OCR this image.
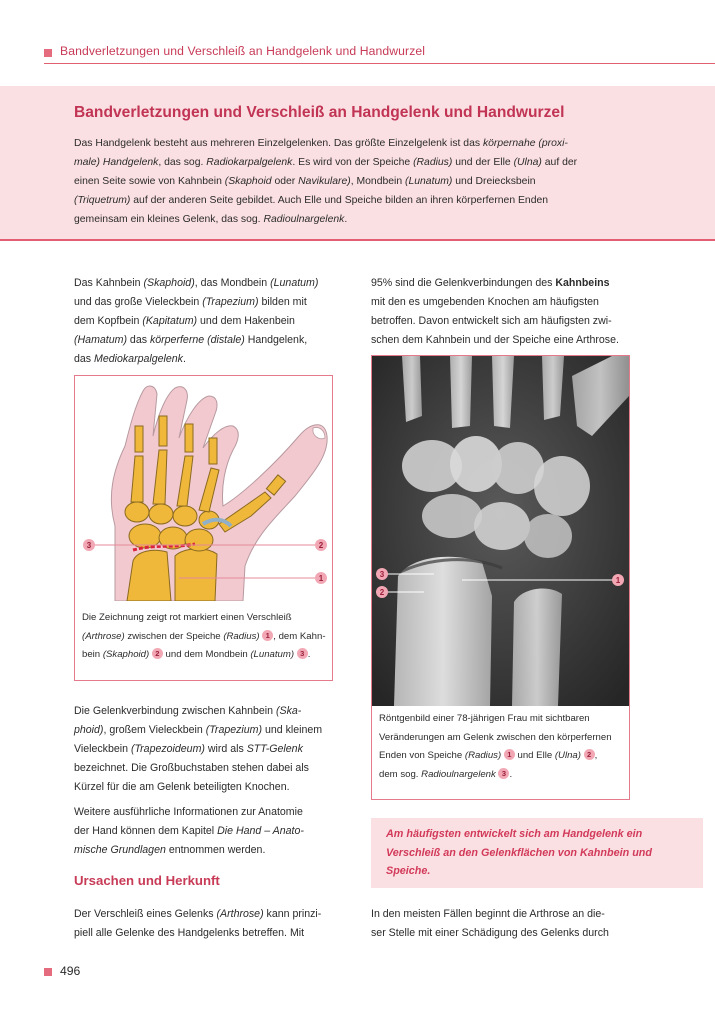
Bandverletzungen und Verschleiß an Handgelenk und Handwurzel
Bandverletzungen und Verschleiß an Handgelenk und Handwurzel
Das Handgelenk besteht aus mehreren Einzelgelenken. Das größte Einzelgelenk ist das körpernahe (proxi-
male) Handgelenk, das sog. Radiokarpalgelenk. Es wird von der Speiche (Radius) und der Elle (Ulna) auf der
einen Seite sowie von Kahnbein (Skaphoid oder Navikulare), Mondbein (Lunatum) und Dreiecksbein
(Triquetrum) auf der anderen Seite gebildet. Auch Elle und Speiche bilden an ihren körperfernen Enden
gemeinsam ein kleines Gelenk, das sog. Radioulnargelenk.
Das Kahnbein (Skaphoid), das Mondbein (Lunatum)
und das große Vieleckbein (Trapezium) bilden mit
dem Kopfbein (Kapitatum) und dem Hakenbein
(Hamatum) das körperferne (distale) Handgelenk,
das Mediokarpalgelenk.
3	2
1
Die Zeichnung zeigt rot markiert einen Verschleiß
(Arthrose) zwischen der Speiche (Radius) 1 , dem Kahn-
bein (Skaphoid) 2 und dem Mondbein (Lunatum) 3 .
Die Gelenkverbindung zwischen Kahnbein (Ska-
phoid), großem Vieleckbein (Trapezium) und kleinem
Vieleckbein (Trapezoideum) wird als STT-Gelenk
bezeichnet. Die Großbuchstaben stehen dabei als
Kürzel für die am Gelenk beteiligten Knochen.
Weitere ausführliche Informationen zur Anatomie
der Hand können dem Kapitel Die Hand – Anato-
mische Grundlagen entnommen werden.
Ursachen und Herkunft
Der Verschleiß eines Gelenks (Arthrose) kann prinzi-
piell alle Gelenke des Handgelenks betreffen. Mit
95% sind die Gelenkverbindungen des Kahnbeins
mit den es umgebenden Knochen am häufigsten
betroffen. Davon entwickelt sich am häufigsten zwi-
schen dem Kahnbein und der Speiche eine Arthrose.
3
2
1
Röntgenbild einer 78-jährigen Frau mit sichtbaren
Veränderungen am Gelenk zwischen den körperfernen
Enden von Speiche (Radius) 1 und Elle (Ulna) 2 ,
dem sog. Radioulnargelenk 3 .
Am häufigsten entwickelt sich am Handgelenk ein
Verschleiß an den Gelenkflächen von Kahnbein und
Speiche.
In den meisten Fällen beginnt die Arthrose an die-
ser Stelle mit einer Schädigung des Gelenks durch
496
